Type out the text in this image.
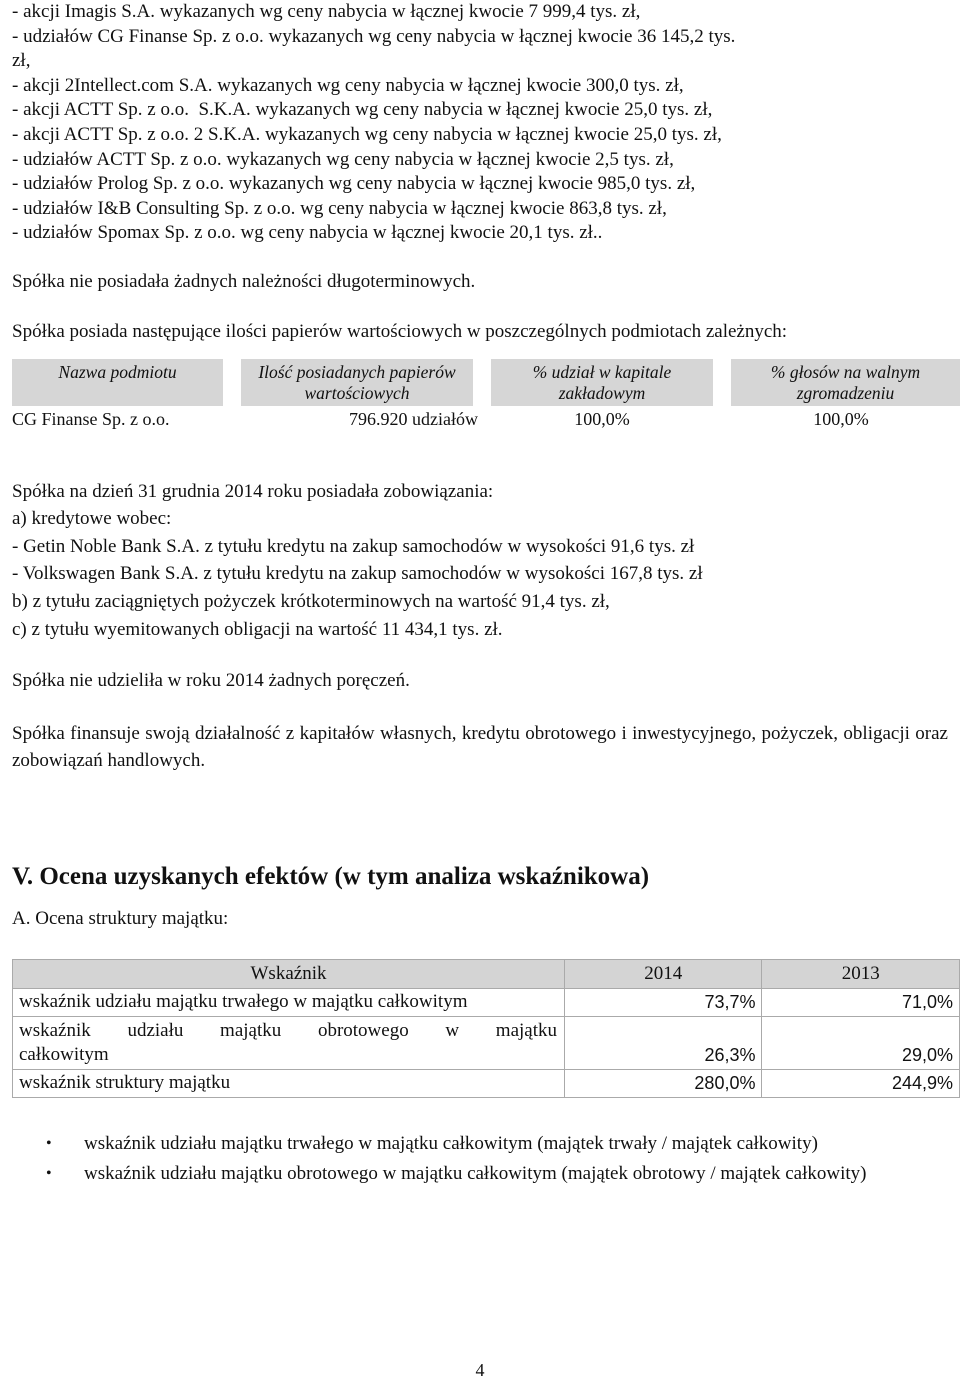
- akcji Imagis S.A. wykazanych wg ceny nabycia w łącznej kwocie 7 999,4 tys. zł,
- udziałów CG Finanse Sp. z o.o. wykazanych wg ceny nabycia w łącznej kwocie 36 145,2 tys.
zł,
- akcji 2Intellect.com S.A. wykazanych wg ceny nabycia w łącznej kwocie 300,0 tys. zł,
- akcji ACTT Sp. z o.o.  S.K.A. wykazanych wg ceny nabycia w łącznej kwocie 25,0 tys. zł,
- akcji ACTT Sp. z o.o. 2 S.K.A. wykazanych wg ceny nabycia w łącznej kwocie 25,0 tys. zł,
- udziałów ACTT Sp. z o.o. wykazanych wg ceny nabycia w łącznej kwocie 2,5 tys. zł,
- udziałów Prolog Sp. z o.o. wykazanych wg ceny nabycia w łącznej kwocie 985,0 tys. zł,
- udziałów I&B Consulting Sp. z o.o. wg ceny nabycia w łącznej kwocie 863,8 tys. zł,
- udziałów Spomax Sp. z o.o. wg ceny nabycia w łącznej kwocie 20,1 tys. zł..
Spółka nie posiadała żadnych należności długoterminowych.
Spółka posiada następujące ilości papierów wartościowych w poszczególnych podmiotach zależnych:
Nazwa podmiotu	Ilość posiadanych papierów wartościowych	% udział w kapitale zakładowym	% głosów na walnym zgromadzeniu
CG Finanse Sp. z o.o.	796.920 udziałów	100,0%	100,0%
Spółka na dzień 31 grudnia 2014 roku posiadała zobowiązania:
a) kredytowe wobec:
- Getin Noble Bank S.A. z tytułu kredytu na zakup samochodów w wysokości 91,6 tys. zł
- Volkswagen Bank S.A. z tytułu kredytu na zakup samochodów w wysokości 167,8 tys. zł
b) z tytułu zaciągniętych pożyczek krótkoterminowych na wartość 91,4 tys. zł,
c) z tytułu wyemitowanych obligacji na wartość 11 434,1 tys. zł.
Spółka nie udzieliła w roku 2014 żadnych poręczeń.
Spółka finansuje swoją działalność z kapitałów własnych, kredytu obrotowego i inwestycyjnego, pożyczek, obligacji oraz zobowiązań handlowych.
V. Ocena uzyskanych efektów (w tym analiza wskaźnikowa)
A. Ocena struktury majątku:
Wskaźnik	2014	2013
wskaźnik udziału majątku trwałego w majątku całkowitym	73,7%	71,0%

wskaźnik udziału majątku obrotowego w majątku
całkowitym	26,3%	29,0%
wskaźnik struktury majątku	280,0%	244,9%
• wskaźnik udziału majątku trwałego w majątku całkowitym (majątek trwały / majątek całkowity)
• wskaźnik udziału majątku obrotowego w majątku całkowitym (majątek obrotowy / majątek całkowity)
4
